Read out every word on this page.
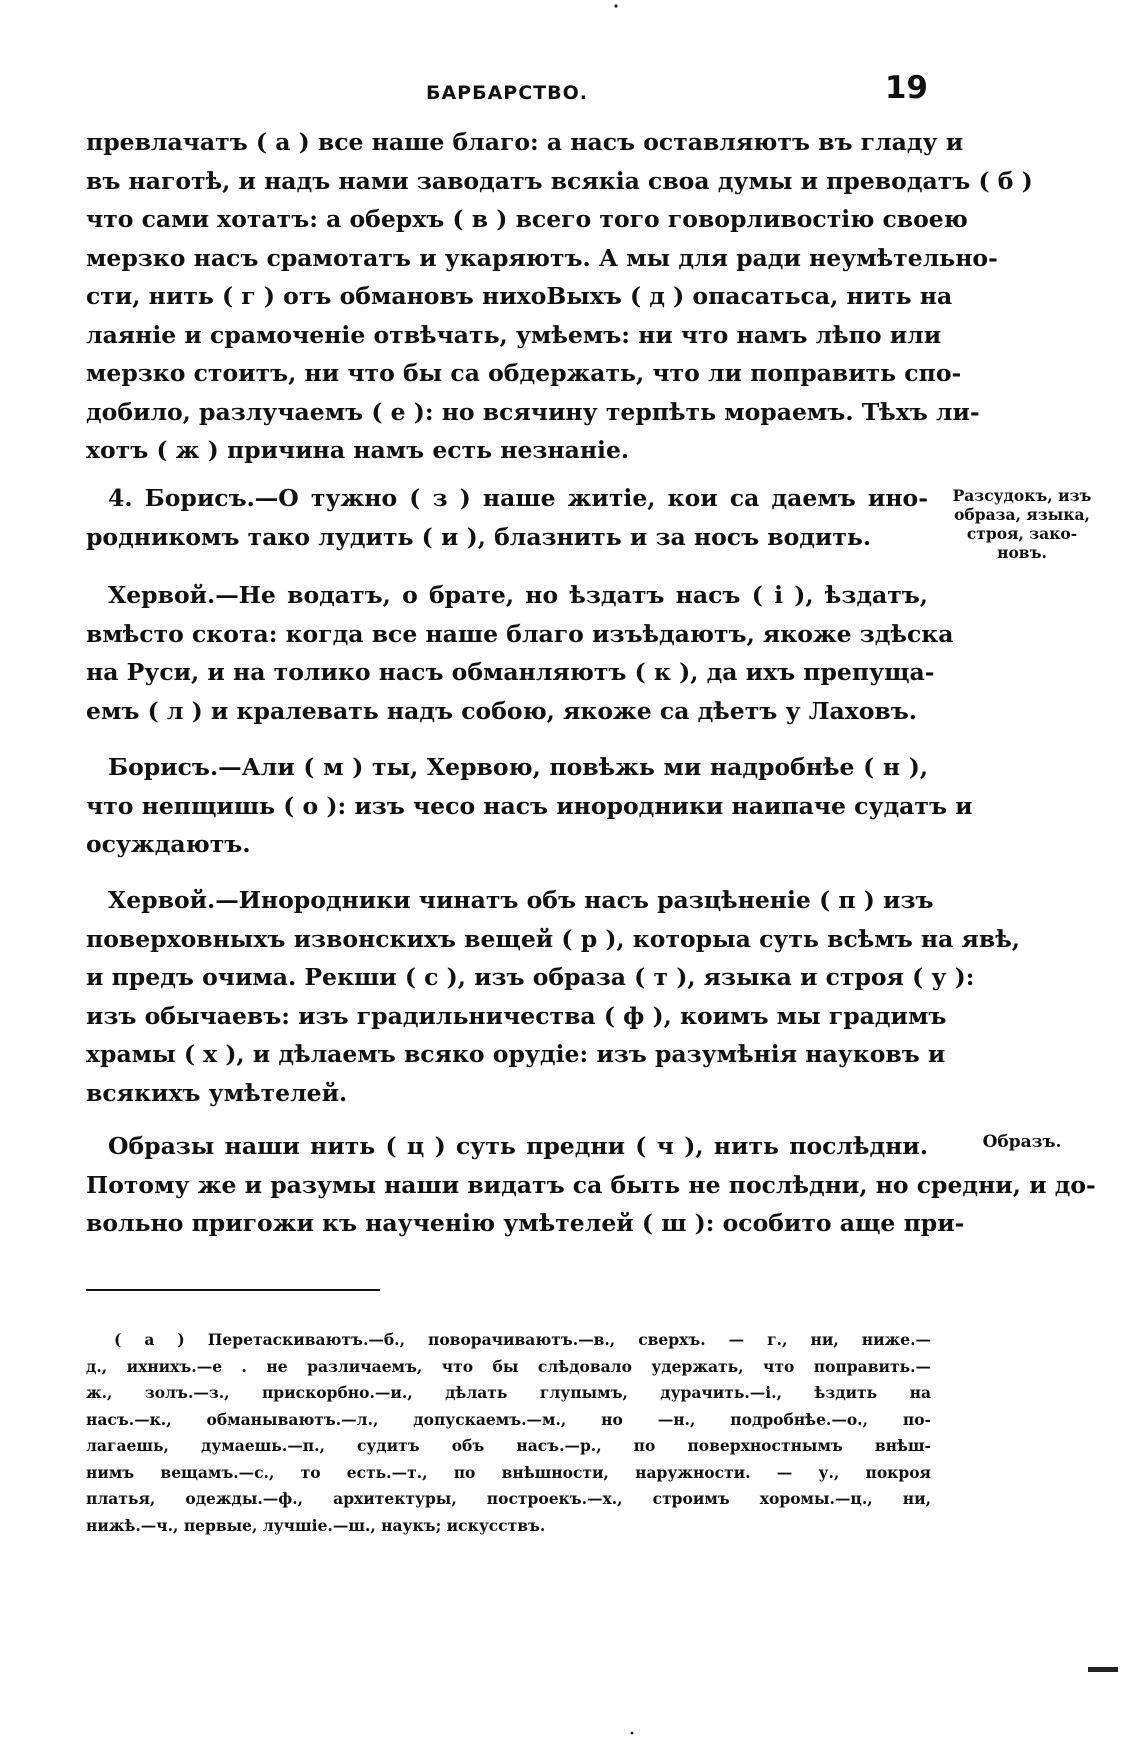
БАРБАРСТВО.	19
превлачатъ ( а ) все наше благо: а насъ оставляютъ въ гладу и
въ наготѣ, и надъ нами заводатъ всякіа своа думы и преводатъ ( б )
что сами хотатъ: а оберхъ ( в ) всего того говорливостію своею
мерзко насъ срамотатъ и укаряютъ. А мы для ради неумѣтельно-
сти, нить ( г ) отъ обмановъ нихоВыхъ ( д ) опасатьса, нить на
лаяніе и срамоченіе отвѣчать, умѣемъ: ни что намъ лѣпо или
мерзко стоитъ, ни что бы са обдержать, что ли поправить спо-
добило, разлучаемъ ( е ): но всячину терпѣть мораемъ. Тѣхъ ли-
хотъ ( ж ) причина намъ есть незнаніе.
4. Борисъ.—О тужно ( з ) наше житіе, кои са даемъ ино-
родникомъ тако лудить ( и ), блазнить и за носъ водить.
Хервой.—Не водатъ, о брате, но ѣздатъ насъ ( і ), ѣздатъ,
вмѣсто скота: когда все наше благо изъѣдаютъ, якоже здѣска
на Руси, и на толико насъ обманляютъ ( к ), да ихъ препуща-
емъ ( л ) и кралевать надъ собою, якоже са дѣетъ у Лаховъ.
Борисъ.—Али ( м ) ты, Хервою, повѣжь ми надробнѣе ( н ),
что непщишь ( о ): изъ чесо насъ инородники наипаче судатъ и
осуждаютъ.
Хервой.—Инородники чинатъ объ насъ разцѣненіе ( п ) изъ
поверховныхъ извонскихъ вещей ( р ), которыа суть всѣмъ на явѣ,
и предъ очима. Рекши ( с ), изъ образа ( т ), языка и строя ( у ):
изъ обычаевъ: изъ градильничества ( ф ), коимъ мы градимъ
храмы ( х ), и дѣлаемъ всяко орудіе: изъ разумѣнія науковъ и
всякихъ умѣтелей.
Образы наши нить ( ц ) суть предни ( ч ), нить послѣдни.
Потому же и разумы наши видатъ са быть не послѣдни, но средни, и до-
вольно пригожи къ наученію умѣтелей ( ш ): особито аще при-
Разсудокъ, изъ
образа, языка,
строя, зако-
новъ.
Образъ.
( а ) Перетаскиваютъ.—б., поворачиваютъ.—в., сверхъ. — г., ни, ниже.—
д., ихнихъ.—е . не различаемъ, что бы слѣдовало удержать, что поправить.—
ж., золъ.—з., прискорбно.—и., дѣлать глупымъ, дурачить.—і., ѣздить на
насъ.—к., обманываютъ.—л., допускаемъ.—м., но —н., подробнѣе.—о., по-
лагаешь, думаешь.—п., судитъ объ насъ.—р., по поверхностнымъ внѣш-
нимъ вещамъ.—с., то есть.—т., по внѣшности, наружности. — у., покроя
платья, одежды.—ф., архитектуры, построекъ.—х., строимъ хоромы.—ц., ни,
нижѣ.—ч., первые, лучшіе.—ш., наукъ; искусствъ.
